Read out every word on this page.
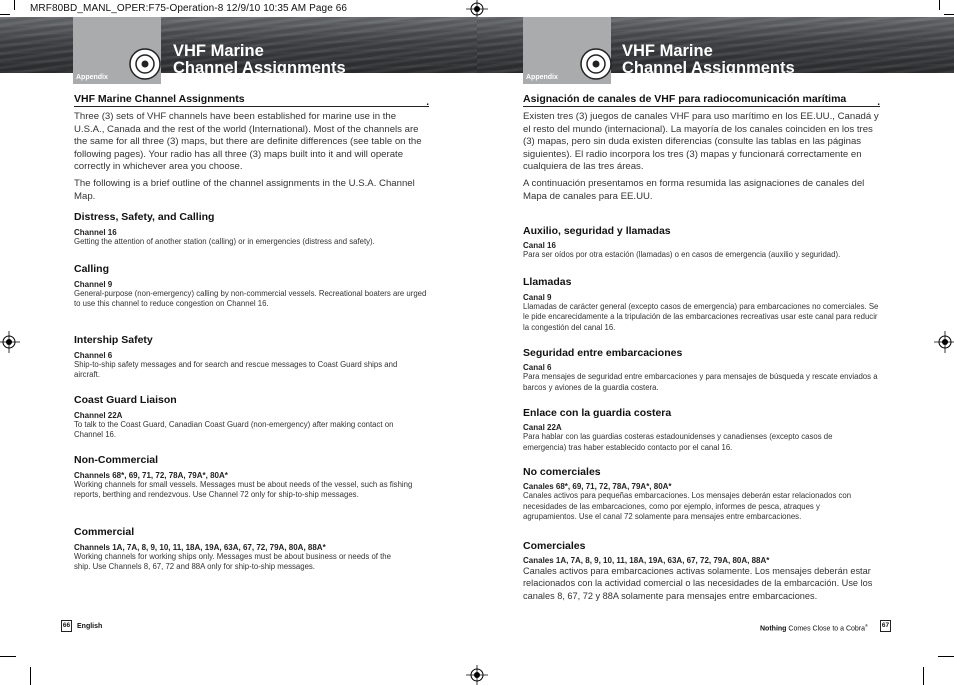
MRF80BD_MANL_OPER:F75-Operation-8 12/9/10 10:35 AM Page 66
Appendix
VHF Marine
Channel Assignments
Appendix
VHF Marine
Channel Assignments
VHF Marine Channel Assignments	.

Three (3) sets of VHF channels have been established for marine use in the U.S.A., Canada and the rest of the world (International). Most of the channels are the same for all three (3) maps, but there are definite differences (see table on the following pages). Your radio has all three (3) maps built into it and will operate correctly in whichever area you choose.

The following is a brief outline of the channel assignments in the U.S.A. Channel Map.

Distress, Safety, and Calling
Channel 16
Getting the attention of another station (calling) or in emergencies (distress and safety).
Calling
Channel 9
General-purpose (non-emergency) calling by non-commercial vessels. Recreational boaters are urged to use this channel to reduce congestion on Channel 16.
Intership Safety
Channel 6
Ship-to-ship safety messages and for search and rescue messages to Coast Guard ships and aircraft.
Coast Guard Liaison
Channel 22A
To talk to the Coast Guard, Canadian Coast Guard (non-emergency) after making contact on Channel 16.
Non-Commercial
Channels 68*, 69, 71, 72, 78A, 79A*, 80A*
Working channels for small vessels. Messages must be about needs of the vessel, such as fishing reports, berthing and rendezvous. Use Channel 72 only for ship-to-ship messages.
Commercial
Channels 1A, 7A, 8, 9, 10, 11, 18A, 19A, 63A, 67, 72, 79A, 80A, 88A*
Working channels for working ships only. Messages must be about business or needs of the ship. Use Channels 8, 67, 72 and 88A only for ship-to-ship messages.
Asignación de canales de VHF para radiocomunicación marítima	.

Existen tres (3) juegos de canales VHF para uso marítimo en los EE.UU., Canadá y el resto del mundo (internacional). La mayoría de los canales coinciden en los tres (3) mapas, pero sin duda existen diferencias (consulte las tablas en las páginas siguientes). El radio incorpora los tres (3) mapas y funcionará correctamente en cualquiera de las tres áreas.

A continuación presentamos en forma resumida las asignaciones de canales del Mapa de canales para EE.UU.

Auxilio, seguridad y llamadas
Canal 16
Para ser oídos por otra estación (llamadas) o en casos de emergencia (auxilio y seguridad).
Llamadas
Canal 9
Llamadas de carácter general (excepto casos de emergencia) para embarcaciones no comerciales. Se le pide encarecidamente a la tripulación de las embarcaciones recreativas usar este canal para reducir la congestión del canal 16.
Seguridad entre embarcaciones
Canal 6
Para mensajes de seguridad entre embarcaciones y para mensajes de búsqueda y rescate enviados a barcos y aviones de la guardia costera.
Enlace con la guardia costera
Canal 22A
Para hablar con las guardias costeras estadounidenses y canadienses (excepto casos de emergencia) tras haber establecido contacto por el canal 16.
No comerciales
Canales 68*, 69, 71, 72, 78A, 79A*, 80A*
Canales activos para pequeñas embarcaciones. Los mensajes deberán estar relacionados con necesidades de las embarcaciones, como por ejemplo, informes de pesca, atraques y agrupamientos. Use el canal 72 solamente para mensajes entre embarcaciones.
Comerciales
Canales 1A, 7A, 8, 9, 10, 11, 18A, 19A, 63A, 67, 72, 79A, 80A, 88A*
Canales activos para embarcaciones activas solamente. Los mensajes deberán estar relacionados con la actividad comercial o las necesidades de la embarcación. Use los canales 8, 67, 72 y 88A solamente para mensajes entre embarcaciones.
66 English	Nothing Comes Close to a Cobra® 67
